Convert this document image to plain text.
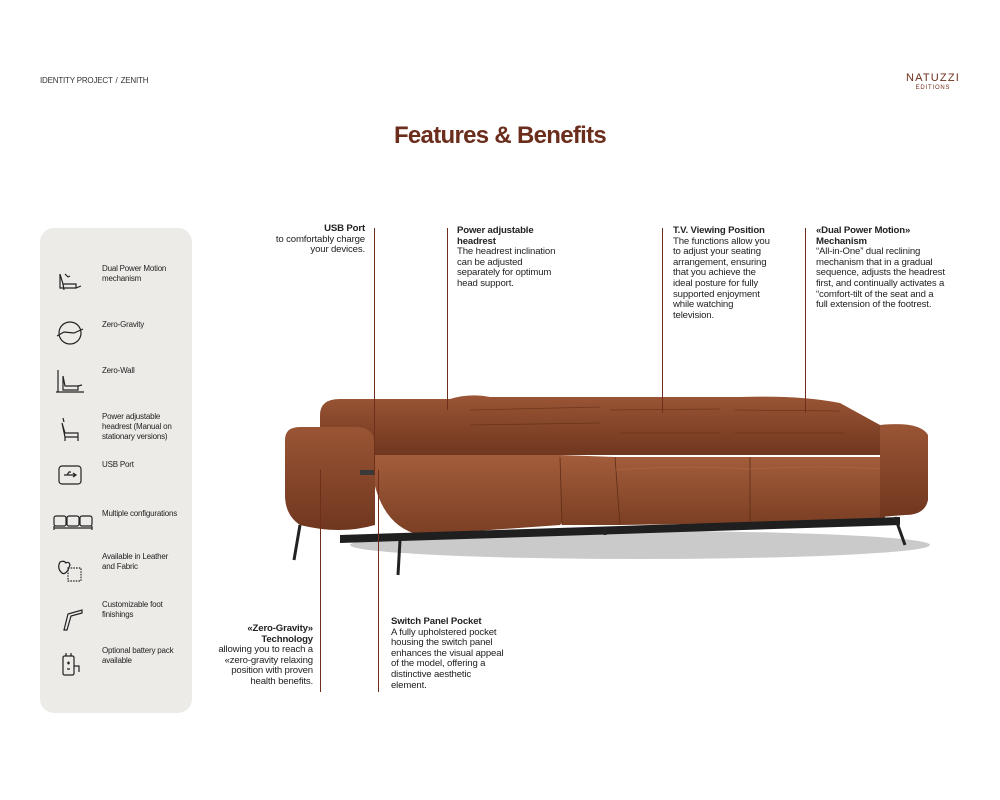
IDENTITY PROJECT / ZENITH	NATUZZI
EDITIONS
Features & Benefits
Dual Power Motion mechanism
Zero-Gravity
Zero-Wall
Power adjustable headrest (Manual on stationary versions)
USB Port
Multiple configurations
Available in Leather and Fabric
Customizable foot finishings
Optional battery pack available
USB Port
to comfortably charge your devices.
Power adjustable headrest
The headrest inclination can be adjusted separately for optimum head support.
T.V. Viewing Position
The functions allow you to adjust your seating arrangement, ensuring that you achieve the ideal posture for fully supported enjoyment while watching television.
«Dual Power Motion» Mechanism
“All-in-One” dual reclining mechanism that in a gradual sequence, adjusts the headrest first, and continually activates a “comfort-tilt of the seat and a full extension of the footrest.
«Zero-Gravity» Technology
allowing you to reach a «zero-gravity relaxing position with proven health benefits.
Switch Panel Pocket
A fully upholstered pocket housing the switch panel enhances the visual appeal of the model, offering a distinctive aesthetic element.
